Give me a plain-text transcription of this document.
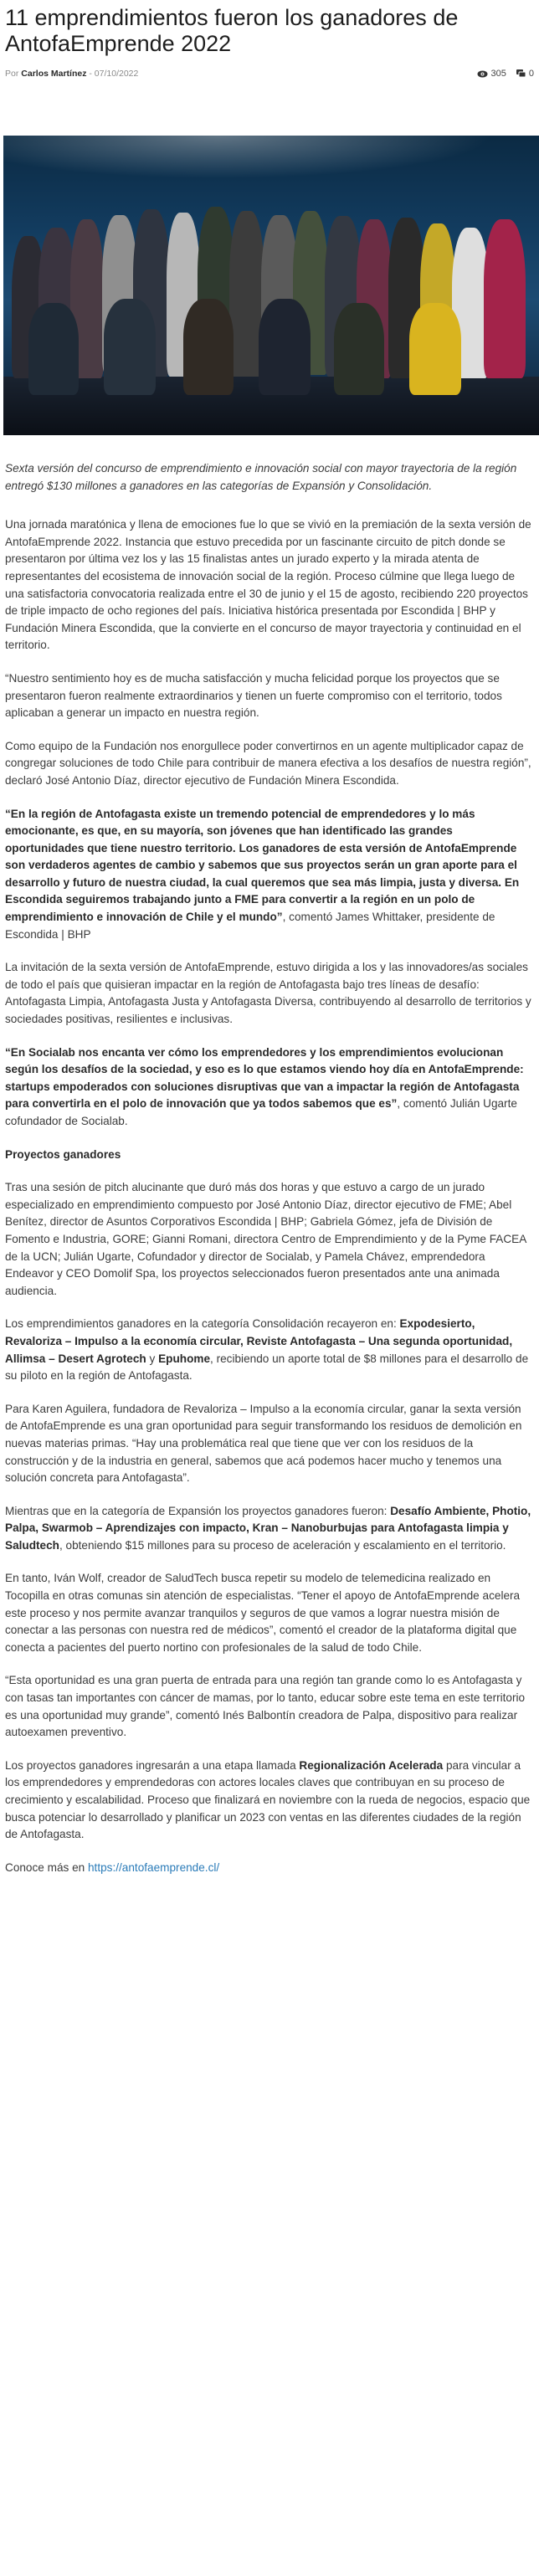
11 emprendimientos fueron los ganadores de AntofaEmprende 2022
Por Carlos Martínez - 07/10/2022	305 0

Sexta versión del concurso de emprendimiento e innovación social con mayor trayectoria de la región entregó $130 millones a ganadores en las categorías de Expansión y Consolidación.

Una jornada maratónica y llena de emociones fue lo que se vivió en la premiación de la sexta versión de AntofaEmprende 2022. Instancia que estuvo precedida por un fascinante circuito de pitch donde se presentaron por última vez los y las 15 finalistas antes un jurado experto y la mirada atenta de representantes del ecosistema de innovación social de la región. Proceso cúlmine que llega luego de una satisfactoria convocatoria realizada entre el 30 de junio y el 15 de agosto, recibiendo 220 proyectos de triple impacto de ocho regiones del país. Iniciativa histórica presentada por Escondida | BHP y Fundación Minera Escondida, que la convierte en el concurso de mayor trayectoria y continuidad en el territorio.

“Nuestro sentimiento hoy es de mucha satisfacción y mucha felicidad porque los proyectos que se presentaron fueron realmente extraordinarios y tienen un fuerte compromiso con el territorio, todos aplicaban a generar un impacto en nuestra región.

Como equipo de la Fundación nos enorgullece poder convertirnos en un agente multiplicador capaz de congregar soluciones de todo Chile para contribuir de manera efectiva a los desafíos de nuestra región”, declaró José Antonio Díaz, director ejecutivo de Fundación Minera Escondida.

“En la región de Antofagasta existe un tremendo potencial de emprendedores y lo más emocionante, es que, en su mayoría, son jóvenes que han identificado las grandes oportunidades que tiene nuestro territorio. Los ganadores de esta versión de AntofaEmprende son verdaderos agentes de cambio y sabemos que sus proyectos serán un gran aporte para el desarrollo y futuro de nuestra ciudad, la cual queremos que sea más limpia, justa y diversa. En Escondida seguiremos trabajando junto a FME para convertir a la región en un polo de emprendimiento e innovación de Chile y el mundo”, comentó James Whittaker, presidente de Escondida | BHP

La invitación de la sexta versión de AntofaEmprende, estuvo dirigida a los y las innovadores/as sociales de todo el país que quisieran impactar en la región de Antofagasta bajo tres líneas de desafío: Antofagasta Limpia, Antofagasta Justa y Antofagasta Diversa, contribuyendo al desarrollo de territorios y sociedades positivas, resilientes e inclusivas.

“En Socialab nos encanta ver cómo los emprendedores y los emprendimientos evolucionan según los desafíos de la sociedad, y eso es lo que estamos viendo hoy día en AntofaEmprende: startups empoderados con soluciones disruptivas que van a impactar la región de Antofagasta para convertirla en el polo de innovación que ya todos sabemos que es”, comentó Julián Ugarte cofundador de Socialab.

Proyectos ganadores

Tras una sesión de pitch alucinante que duró más dos horas y que estuvo a cargo de un jurado especializado en emprendimiento compuesto por José Antonio Díaz, director ejecutivo de FME; Abel Benítez, director de Asuntos Corporativos Escondida | BHP; Gabriela Gómez, jefa de División de Fomento e Industria, GORE; Gianni Romani, directora Centro de Emprendimiento y de la Pyme FACEA de la UCN; Julián Ugarte, Cofundador y director de Socialab, y Pamela Chávez, emprendedora Endeavor y CEO Domolif Spa, los proyectos seleccionados fueron presentados ante una animada audiencia.

Los emprendimientos ganadores en la categoría Consolidación recayeron en: Expodesierto, Revaloriza – Impulso a la economía circular, Reviste Antofagasta – Una segunda oportunidad, Allimsa – Desert Agrotech y Epuhome, recibiendo un aporte total de $8 millones para el desarrollo de su piloto en la región de Antofagasta.

Para Karen Aguilera, fundadora de Revaloriza – Impulso a la economía circular, ganar la sexta versión de AntofaEmprende es una gran oportunidad para seguir transformando los residuos de demolición en nuevas materias primas. “Hay una problemática real que tiene que ver con los residuos de la construcción y de la industria en general, sabemos que acá podemos hacer mucho y tenemos una solución concreta para Antofagasta”.

Mientras que en la categoría de Expansión los proyectos ganadores fueron: Desafío Ambiente, Photio, Palpa, Swarmob – Aprendizajes con impacto, Kran – Nanoburbujas para Antofagasta limpia y Saludtech, obteniendo $15 millones para su proceso de aceleración y escalamiento en el territorio.

En tanto, Iván Wolf, creador de SaludTech busca repetir su modelo de telemedicina realizado en Tocopilla en otras comunas sin atención de especialistas. “Tener el apoyo de AntofaEmprende acelera este proceso y nos permite avanzar tranquilos y seguros de que vamos a lograr nuestra misión de conectar a las personas con nuestra red de médicos”, comentó el creador de la plataforma digital que conecta a pacientes del puerto nortino con profesionales de la salud de todo Chile.

“Esta oportunidad es una gran puerta de entrada para una región tan grande como lo es Antofagasta y con tasas tan importantes con cáncer de mamas, por lo tanto, educar sobre este tema en este territorio es una oportunidad muy grande”, comentó Inés Balbontín creadora de Palpa, dispositivo para realizar autoexamen preventivo.

Los proyectos ganadores ingresarán a una etapa llamada Regionalización Acelerada para vincular a los emprendedores y emprendedoras con actores locales claves que contribuyan en su proceso de crecimiento y escalabilidad. Proceso que finalizará en noviembre con la rueda de negocios, espacio que busca potenciar lo desarrollado y planificar un 2023 con ventas en las diferentes ciudades de la región de Antofagasta.

Conoce más en https://antofaemprende.cl/
